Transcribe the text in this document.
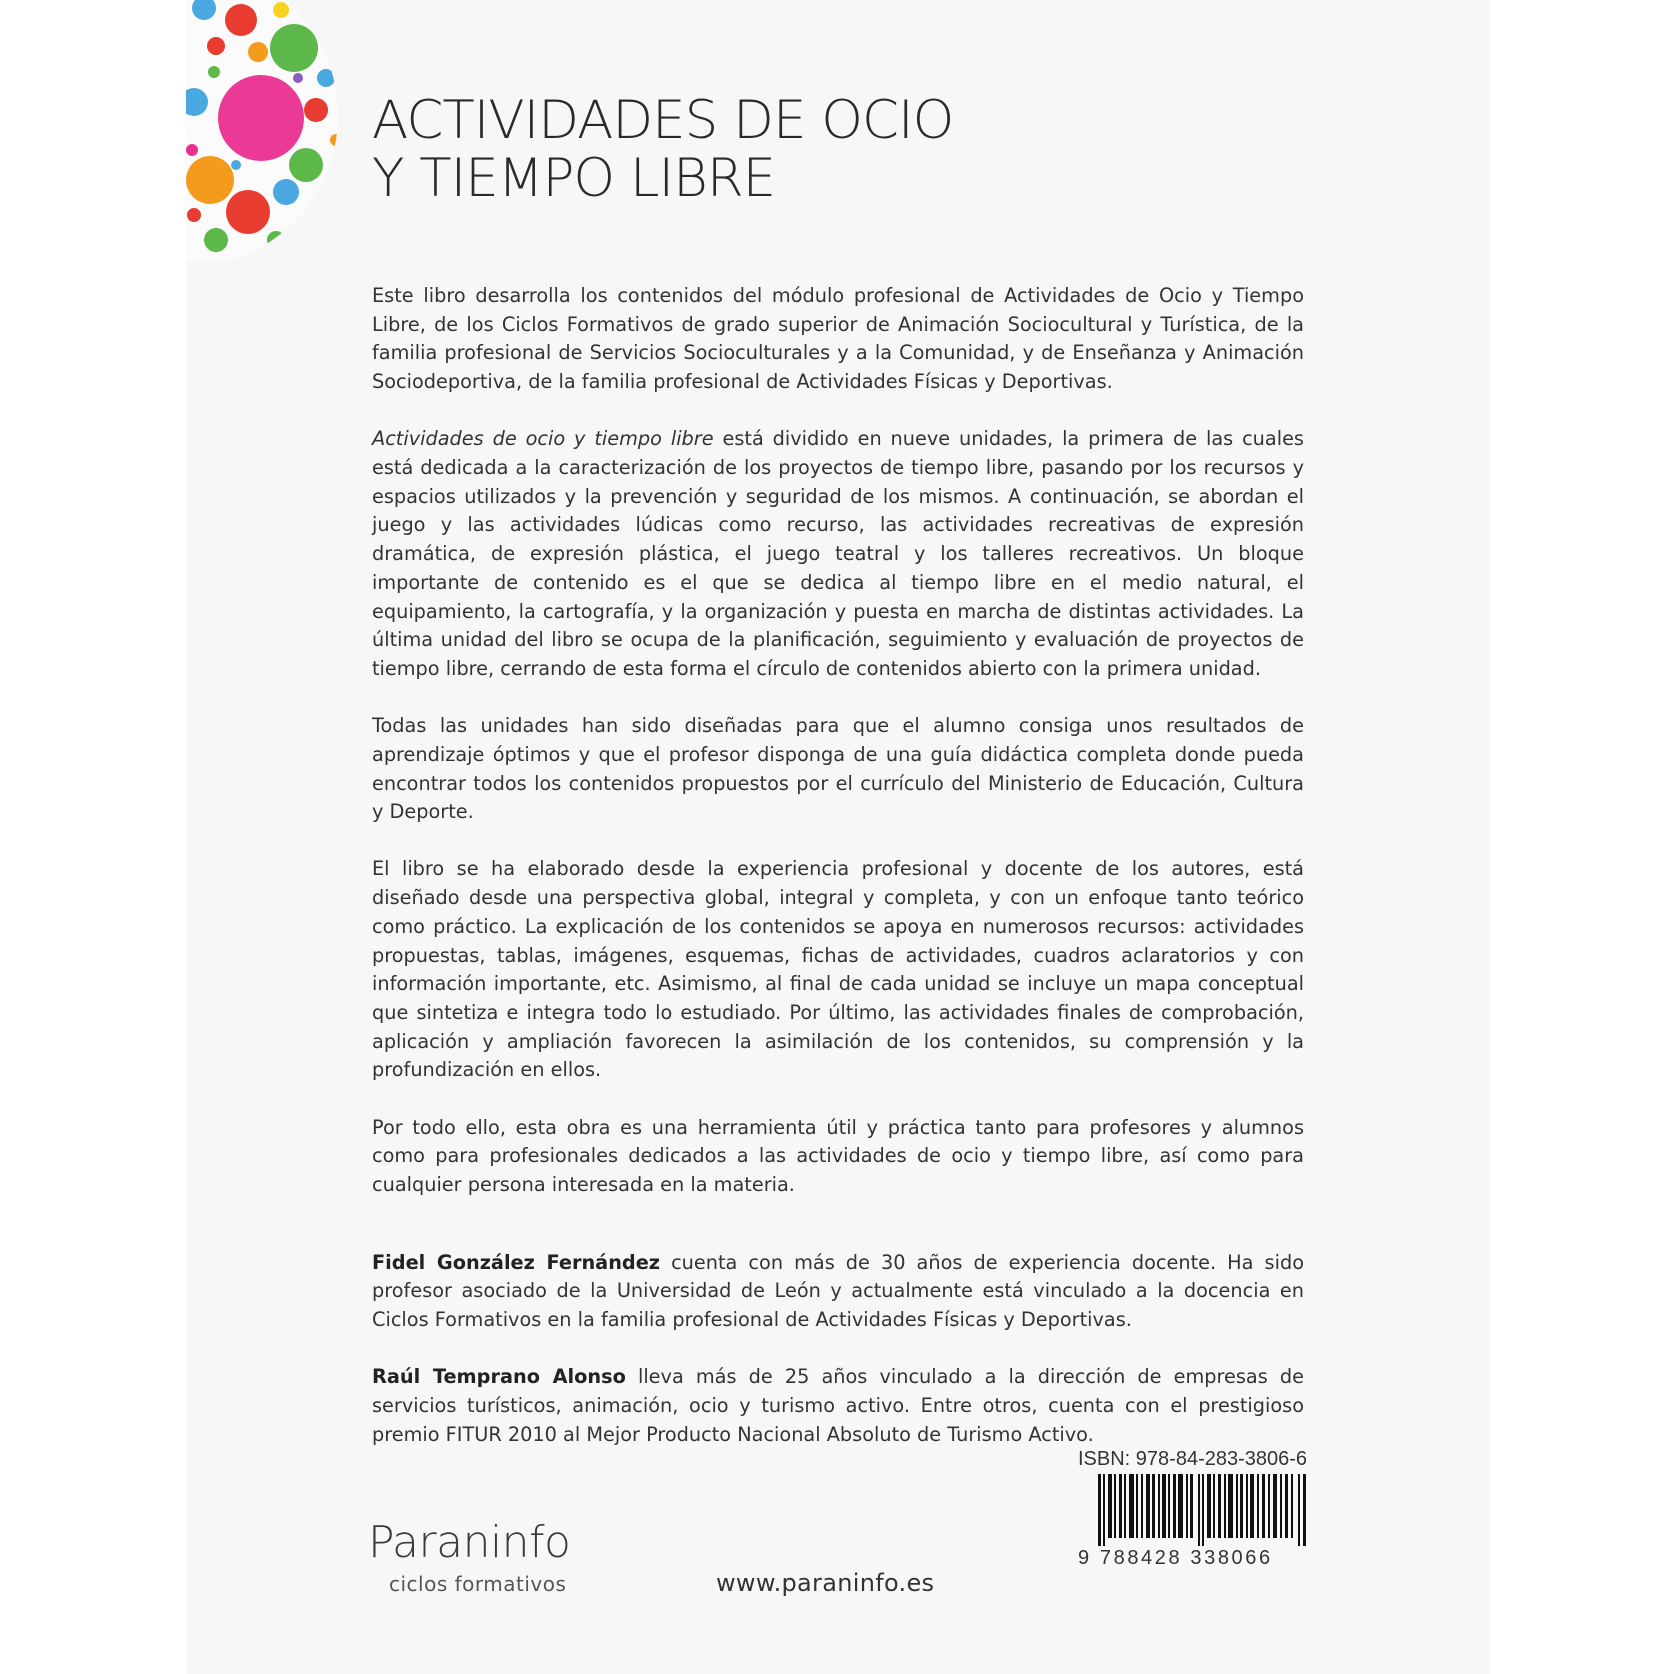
ACTIVIDADES DE OCIO
Y TIEMPO LIBRE

Este libro desarrolla los contenidos del módulo profesional de Actividades de Ocio y Tiempo Libre, de los Ciclos Formativos de grado superior de Animación Sociocultural y Turística, de la familia profesional de Servicios Socioculturales y a la Comunidad, y de Enseñanza y Animación Sociodeportiva, de la familia profesional de Actividades Físicas y Deportivas.

Actividades de ocio y tiempo libre está dividido en nueve unidades, la primera de las cuales está dedicada a la caracterización de los proyectos de tiempo libre, pasando por los recursos y espacios utilizados y la prevención y seguridad de los mismos. A continuación, se abordan el juego y las actividades lúdicas como recurso, las actividades recreativas de expresión dramática, de expresión plástica, el juego teatral y los talleres recreativos. Un bloque importante de contenido es el que se dedica al tiempo libre en el medio natural, el equipamiento, la cartografía, y la organización y puesta en marcha de distintas actividades. La última unidad del libro se ocupa de la planificación, seguimiento y evaluación de proyectos de tiempo libre, cerrando de esta forma el círculo de contenidos abierto con la primera unidad.

Todas las unidades han sido diseñadas para que el alumno consiga unos resultados de aprendizaje óptimos y que el profesor disponga de una guía didáctica completa donde pueda encontrar todos los contenidos propuestos por el currículo del Ministerio de Educación, Cultura y Deporte.

El libro se ha elaborado desde la experiencia profesional y docente de los autores, está diseñado desde una perspectiva global, integral y completa, y con un enfoque tanto teórico como práctico. La explicación de los contenidos se apoya en numerosos recursos: actividades propuestas, tablas, imágenes, esquemas, fichas de actividades, cuadros aclaratorios y con información importante, etc. Asimismo, al final de cada unidad se incluye un mapa conceptual que sintetiza e integra todo lo estudiado. Por último, las actividades finales de comprobación, aplicación y ampliación favorecen la asimilación de los contenidos, su comprensión y la profundización en ellos.

Por todo ello, esta obra es una herramienta útil y práctica tanto para profesores y alumnos como para profesionales dedicados a las actividades de ocio y tiempo libre, así como para cualquier persona interesada en la materia.

Fidel González Fernández cuenta con más de 30 años de experiencia docente. Ha sido profesor asociado de la Universidad de León y actualmente está vinculado a la docencia en Ciclos Formativos en la familia profesional de Actividades Físicas y Deportivas.

Raúl Temprano Alonso lleva más de 25 años vinculado a la dirección de empresas de servicios turísticos, animación, ocio y turismo activo. Entre otros, cuenta con el prestigioso premio FITUR 2010 al Mejor Producto Nacional Absoluto de Turismo Activo.

ISBN: 978-84-283-3806-6
9 788428 338066
Paraninfo
ciclos formativos	www.paraninfo.es
